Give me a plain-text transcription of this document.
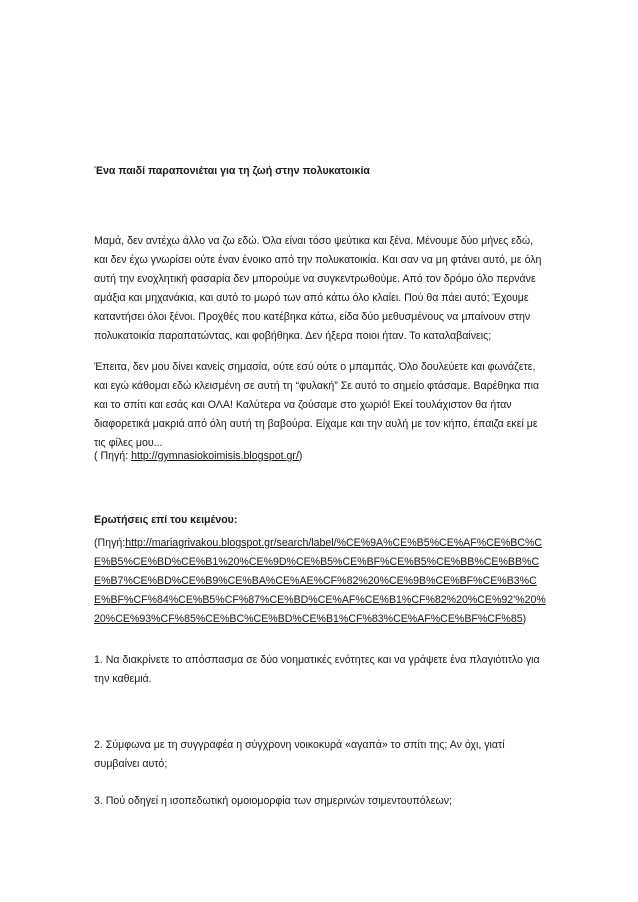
Ένα παιδί παραπονιέται για τη ζωή στην πολυκατοικία

Μαμά, δεν αντέχω άλλο να ζω εδώ. Όλα είναι τόσο ψεύτικα και ξένα. Μένουμε δύο μήνες εδώ, και δεν έχω γνωρίσει ούτε έναν ένοικο από την πολυκατοικία. Και σαν να μη φτάνει αυτό, με όλη αυτή την ενοχλητική φασαρία δεν μπορούμε να συγκεντρωθούμε. Από τον δρόμο όλο περνάνε αμάξια και μηχανάκια, και αυτό το μωρό των από κάτω όλο κλαίει. Πού θα πάει αυτό; Έχουμε καταντήσει όλοι ξένοι. Προχθές που κατέβηκα κάτω, είδα δύο μεθυσμένους να μπαίνουν στην πολυκατοικία παραπατώντας, και φοβήθηκα. Δεν ήξερα ποιοι ήταν. Το καταλαβαίνεις;

Έπειτα, δεν μου δίνει κανείς σημασία, ούτε εσύ ούτε ο μπαμπάς. Όλο δουλεύετε και φωνάζετε, και εγώ κάθομαι εδώ κλεισμένη σε αυτή τη “φυλακή” Σε αυτό το σημείο φτάσαμε. Βαρέθηκα πια και το σπίτι και εσάς και ΟΛΑ! Καλύτερα να ζούσαμε στο χωριό! Εκεί τουλάχιστον θα ήταν διαφορετικά μακριά από όλη αυτή τη βαβούρα. Είχαμε και την αυλή με τον κήπο, έπαιζα εκεί με τις φίλες μου...

( Πηγή: http://gymnasiokoimisis.blogspot.gr/)

Ερωτήσεις επί του κειμένου:

(Πηγή:http://mariagrivakou.blogspot.gr/search/label/%CE%9A%CE%B5%CE%AF%CE%BC%CE%B5%CE%BD%CE%B1%20%CE%9D%CE%B5%CE%BF%CE%B5%CE%BB%CE%BB%CE%B7%CE%BD%CE%B9%CE%BA%CE%AE%CF%82%20%CE%9B%CE%BF%CE%B3%CE%BF%CF%84%CE%B5%CF%87%CE%BD%CE%AF%CE%B1%CF%82%20%CE%92'%20%20%CE%93%CF%85%CE%BC%CE%BD%CE%B1%CF%83%CE%AF%CE%BF%CF%85)

1. Να διακρίνετε το απόσπασμα σε δύο νοηματικές ενότητες και να γράψετε ένα πλαγιότιτλο για την καθεμιά.

2. Σύμφωνα με τη συγγραφέα η σύγχρονη νοικοκυρά «αγαπά» το σπίτι της; Αν όχι, γιατί συμβαίνει αυτό;

3. Πού οδηγεί η ισοπεδωτική ομοιομορφία των σημερινών τσιμεντουπόλεων;
